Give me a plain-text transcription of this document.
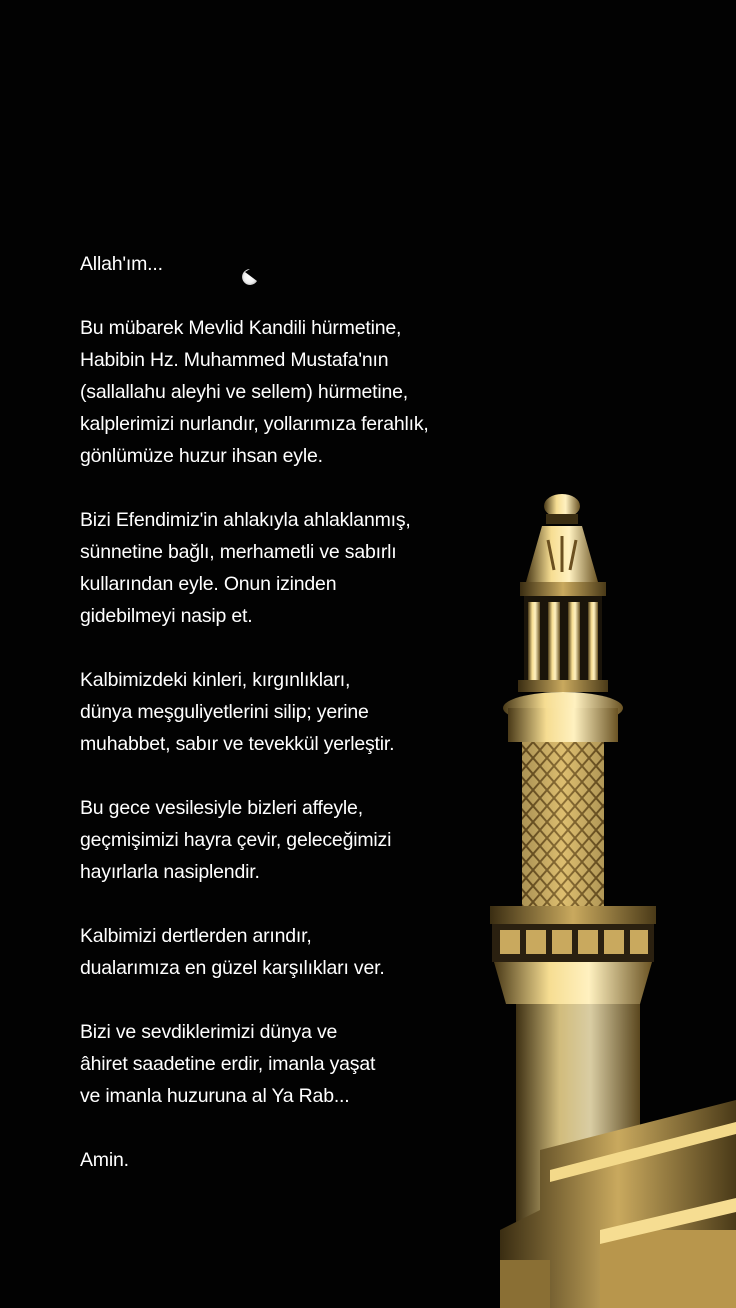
Allah'ım...
Bu mübarek Mevlid Kandili hürmetine,
Habibin Hz. Muhammed Mustafa'nın
(sallallahu aleyhi ve sellem) hürmetine,
kalplerimizi nurlandır, yollarımıza ferahlık,
gönlümüze huzur ihsan eyle.
Bizi Efendimiz'in ahlakıyla ahlaklanmış,
sünnetine bağlı, merhametli ve sabırlı
kullarından eyle. Onun izinden
gidebilmeyi nasip et.
Kalbimizdeki kinleri, kırgınlıkları,
dünya meşguliyetlerini silip; yerine
muhabbet, sabır ve tevekkül yerleştir.
Bu gece vesilesiyle bizleri affeyle,
geçmişimizi hayra çevir, geleceğimizi
hayırlarla nasiplendir.
Kalbimizi dertlerden arındır,
dualarımıza en güzel karşılıkları ver.
Bizi ve sevdiklerimizi dünya ve
âhiret saadetine erdir, imanla yaşat
ve imanla huzuruna al Ya Rab...
Amin.
